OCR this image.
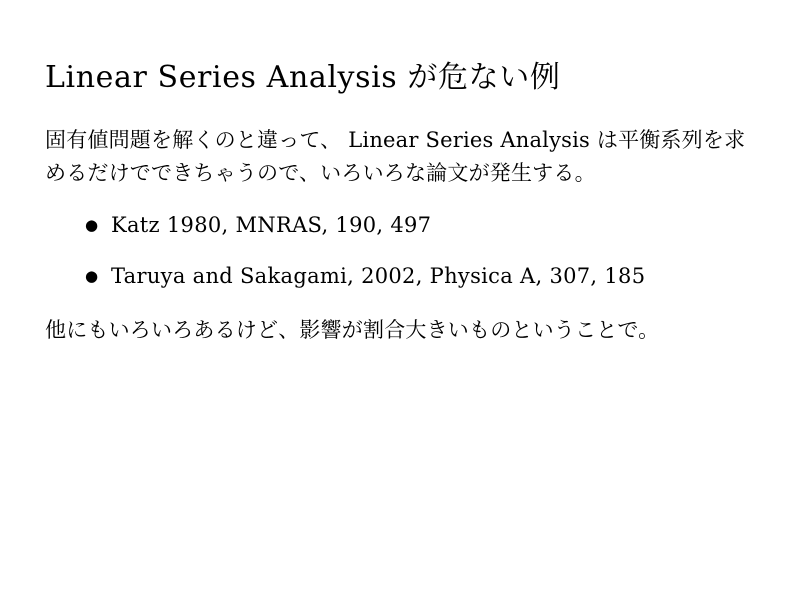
Linear Series Analysis が危ない例

固有値問題を解くのと違って、 Linear Series Analysis は平衡系列を求めるだけでできちゃうので、いろいろな論文が発生する。

● Katz 1980, MNRAS, 190, 497
● Taruya and Sakagami, 2002, Physica A, 307, 185

他にもいろいろあるけど、影響が割合大きいものということで。
